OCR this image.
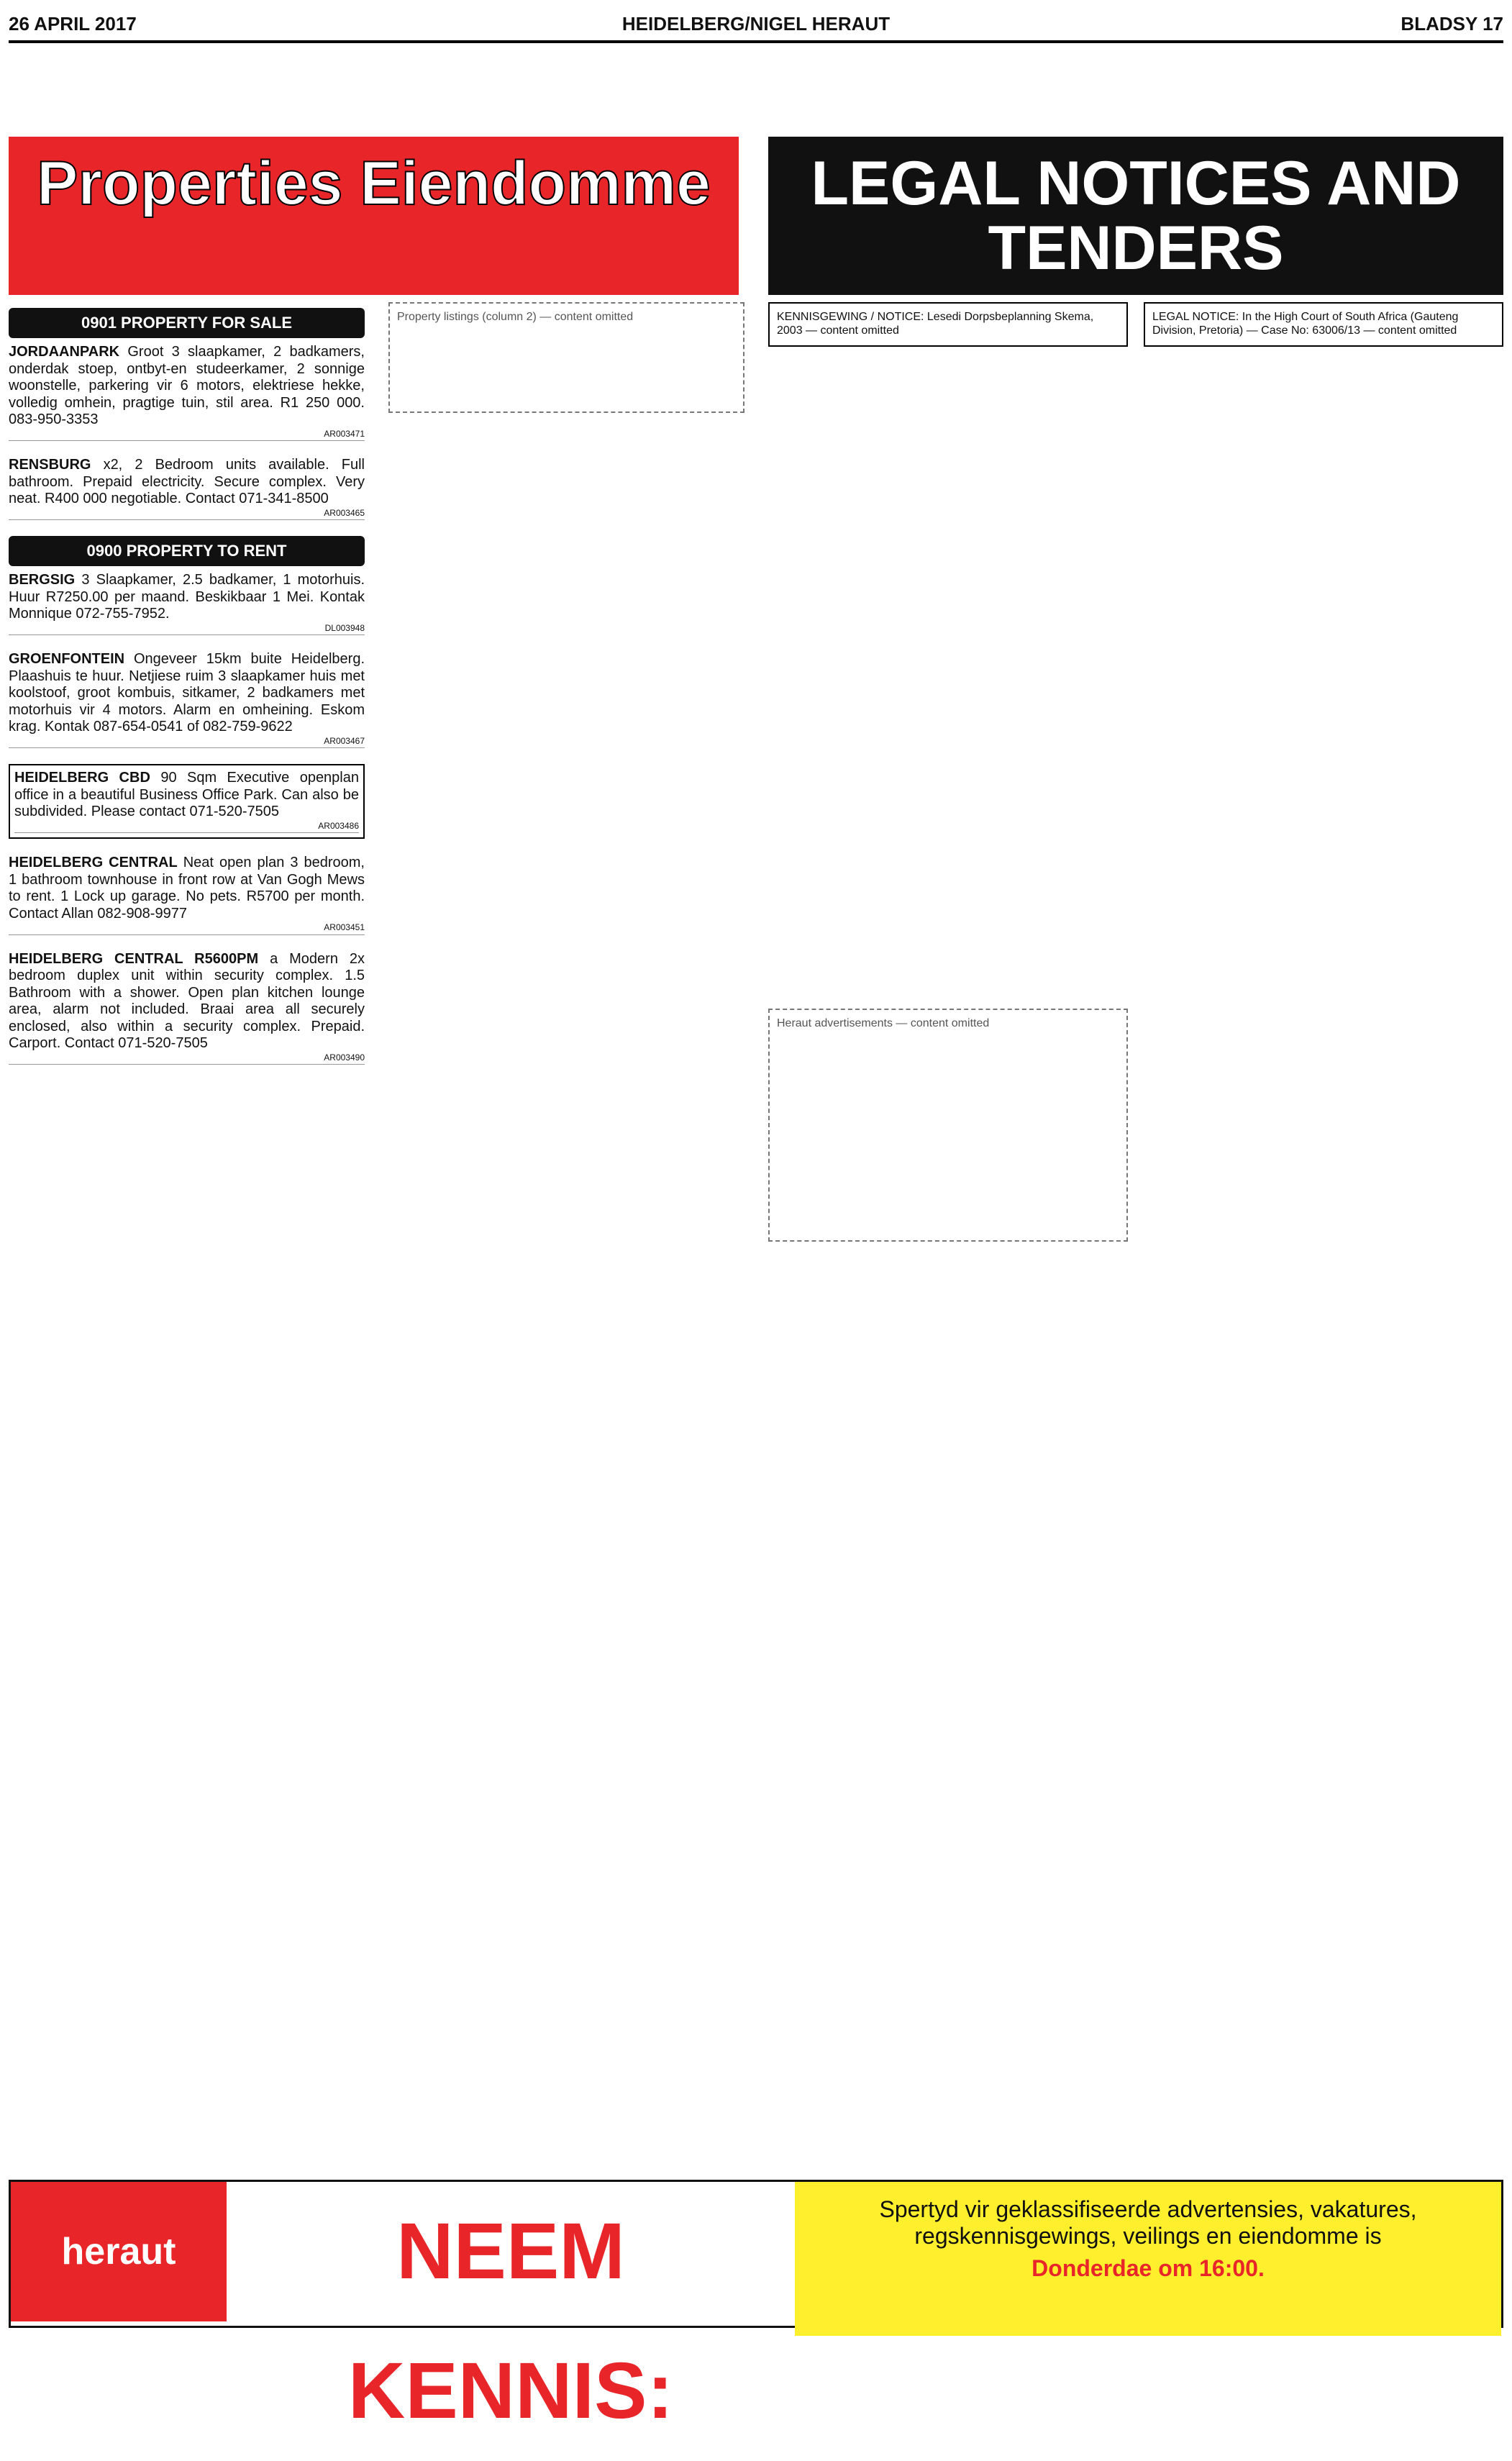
26 APRIL 2017	HEIDELBERG/NIGEL HERAUT	BLADSY 17
Properties Eiendomme	LEGAL NOTICES AND TENDERS
0901 PROPERTY FOR SALE
JORDAANPARK Groot 3 slaapkamer, 2 badkamers, onderdak stoep, ontbyt-en studeerkamer, 2 sonnige woonstelle, parkering vir 6 motors, elektriese hekke, volledig omhein, pragtige tuin, stil area. R1 250 000. 083-950-3353
AR003471
RENSBURG x2, 2 Bedroom units available. Full bathroom. Prepaid electricity. Secure complex. Very neat. R400 000 negotiable. Contact 071-341-8500
AR003465
0900 PROPERTY TO RENT
BERGSIG 3 Slaapkamer, 2.5 badkamer, 1 motorhuis. Huur R7250.00 per maand. Beskikbaar 1 Mei. Kontak Monnique 072-755-7952.
DL003948
GROENFONTEIN Ongeveer 15km buite Heidelberg. Plaashuis te huur. Netjiese ruim 3 slaapkamer huis met koolstoof, groot kombuis, sitkamer, 2 badkamers met motorhuis vir 4 motors. Alarm en omheining. Eskom krag. Kontak 087-654-0541 of 082-759-9622
AR003467
HEIDELBERG CBD 90 Sqm Executive openplan office in a beautiful Business Office Park. Can also be subdivided. Please contact 071-520-7505
AR003486
HEIDELBERG CENTRAL Neat open plan 3 bedroom, 1 bathroom townhouse in front row at Van Gogh Mews to rent. 1 Lock up garage. No pets. R5700 per month. Contact Allan 082-908-9977
AR003451
HEIDELBERG CENTRAL R5600PM a Modern 2x bedroom duplex unit within security complex. 1.5 Bathroom with a shower. Open plan kitchen lounge area, alarm not included. Braai area all securely enclosed, also within a security complex. Prepaid. Carport. Contact 071-520-7505
AR003490
Property listings (column 2) — content omitted	KENNISGEWING / NOTICE: Lesedi Dorpsbeplanning Skema, 2003 — content omitted
Heraut advertisements — content omitted
LEGAL NOTICE: In the High Court of South Africa (Gauteng Division, Pretoria) — Case No: 63006/13 — content omitted
heraut	NEEM KENNIS:
Spertyd vir geklassifiseerde advertensies, vakatures,
regskennisgewings, veilings en eiendomme is
Donderdae om 16:00.
